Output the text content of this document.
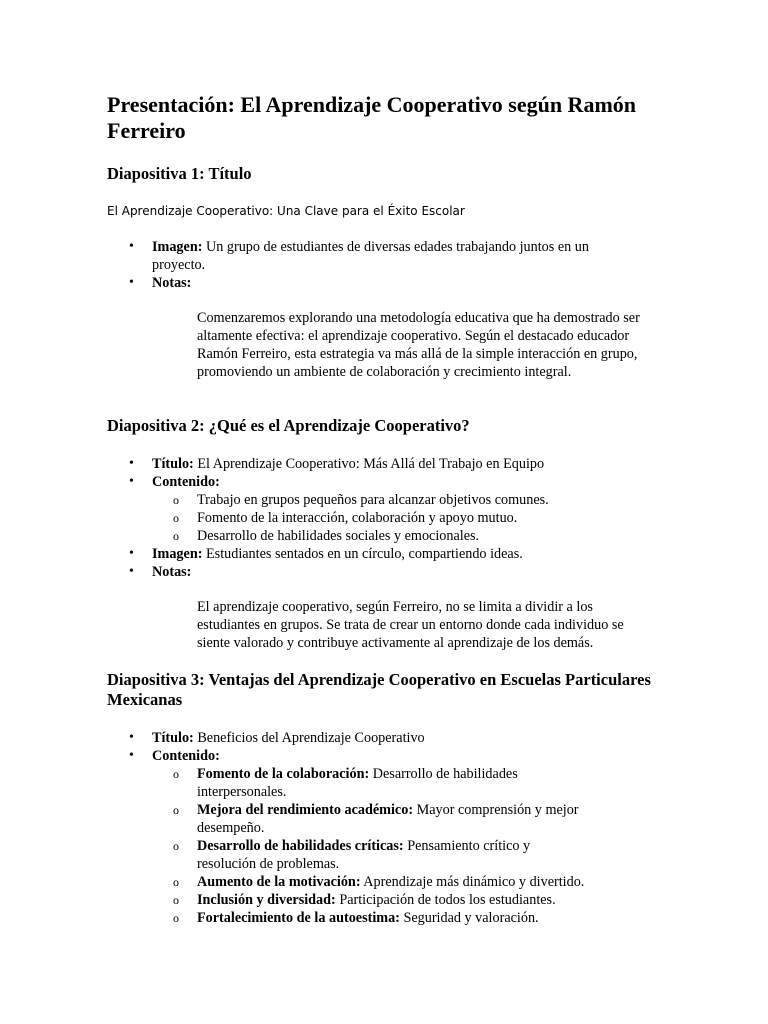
Presentación: El Aprendizaje Cooperativo según Ramón Ferreiro
Diapositiva 1: Título
El Aprendizaje Cooperativo: Una Clave para el Éxito Escolar
• Imagen: Un grupo de estudiantes de diversas edades trabajando juntos en un proyecto.
• Notas:
Comenzaremos explorando una metodología educativa que ha demostrado ser altamente efectiva: el aprendizaje cooperativo. Según el destacado educador Ramón Ferreiro, esta estrategia va más allá de la simple interacción en grupo, promoviendo un ambiente de colaboración y crecimiento integral.
Diapositiva 2: ¿Qué es el Aprendizaje Cooperativo?
• Título: El Aprendizaje Cooperativo: Más Allá del Trabajo en Equipo
• Contenido:
o Trabajo en grupos pequeños para alcanzar objetivos comunes.
o Fomento de la interacción, colaboración y apoyo mutuo.
o Desarrollo de habilidades sociales y emocionales.
• Imagen: Estudiantes sentados en un círculo, compartiendo ideas.
• Notas:
El aprendizaje cooperativo, según Ferreiro, no se limita a dividir a los estudiantes en grupos. Se trata de crear un entorno donde cada individuo se siente valorado y contribuye activamente al aprendizaje de los demás.
Diapositiva 3: Ventajas del Aprendizaje Cooperativo en Escuelas Particulares Mexicanas
• Título: Beneficios del Aprendizaje Cooperativo
• Contenido:
o Fomento de la colaboración: Desarrollo de habilidades interpersonales.
o Mejora del rendimiento académico: Mayor comprensión y mejor desempeño.
o Desarrollo de habilidades críticas: Pensamiento crítico y resolución de problemas.
o Aumento de la motivación: Aprendizaje más dinámico y divertido.
o Inclusión y diversidad: Participación de todos los estudiantes.
o Fortalecimiento de la autoestima: Seguridad y valoración.
